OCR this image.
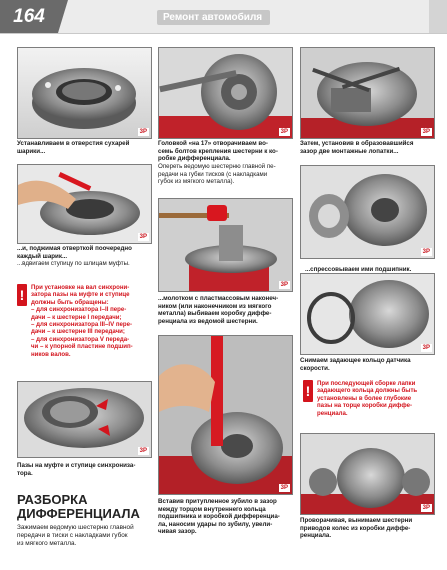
164	Ремонт автомобиля
3P
Устанавливаем в отверстия сухарей
шарики...
3P
...и, поджимая отверткой поочередно
каждый шарик...
...вдвигаем ступицу по шлицам муфты.
!	При установке на вал синхрони-
затора пазы на муфте и ступице
должны быть обращены:
– для синхронизатора I–II пере-
дачи – к шестерне I передачи;
– для синхронизатора III–IV пере-
дачи – к шестерне III передачи;
– для синхронизатора V переда-
чи – к упорной пластине подшип-
ников валов.
3P
Пазы на муфте и ступице синхрониза-
тора.
РАЗБОРКА
ДИФФЕРЕНЦИАЛА
Зажимаем ведомую шестерню главной
передачи в тиски с накладками губок
из мягкого металла.
3P
Головкой «на 17» отворачиваем во-
семь болтов крепления шестерни к ко-
робке дифференциала.
Опереть ведомую шестерню главной пе-
редачи на губки тисков (с накладками
губок из мягкого металла).
3P
...молотком с пластмассовым наконеч-
ником (или наконечником из мягкого
металла) выбиваем коробку диффе-
ренциала из ведомой шестерни.
3P
Вставив притупленное зубило в зазор
между торцом внутреннего кольца
подшипника и коробкой дифференциа-
ла, наносим удары по зубилу, увели-
чивая зазор.
3P
Затем, установив в образовавшийся
зазор две монтажные лопатки...
3P
...спрессовываем ими подшипник.
3P
Снимаем задающее кольцо датчика
скорости.
!	При последующей сборке лапки
задающего кольца должны быть
установлены в более глубокие
пазы на торце коробки диффе-
ренциала.
3P
Проворачивая, вынимаем шестерни
приводов колес из коробки диффе-
ренциала.
